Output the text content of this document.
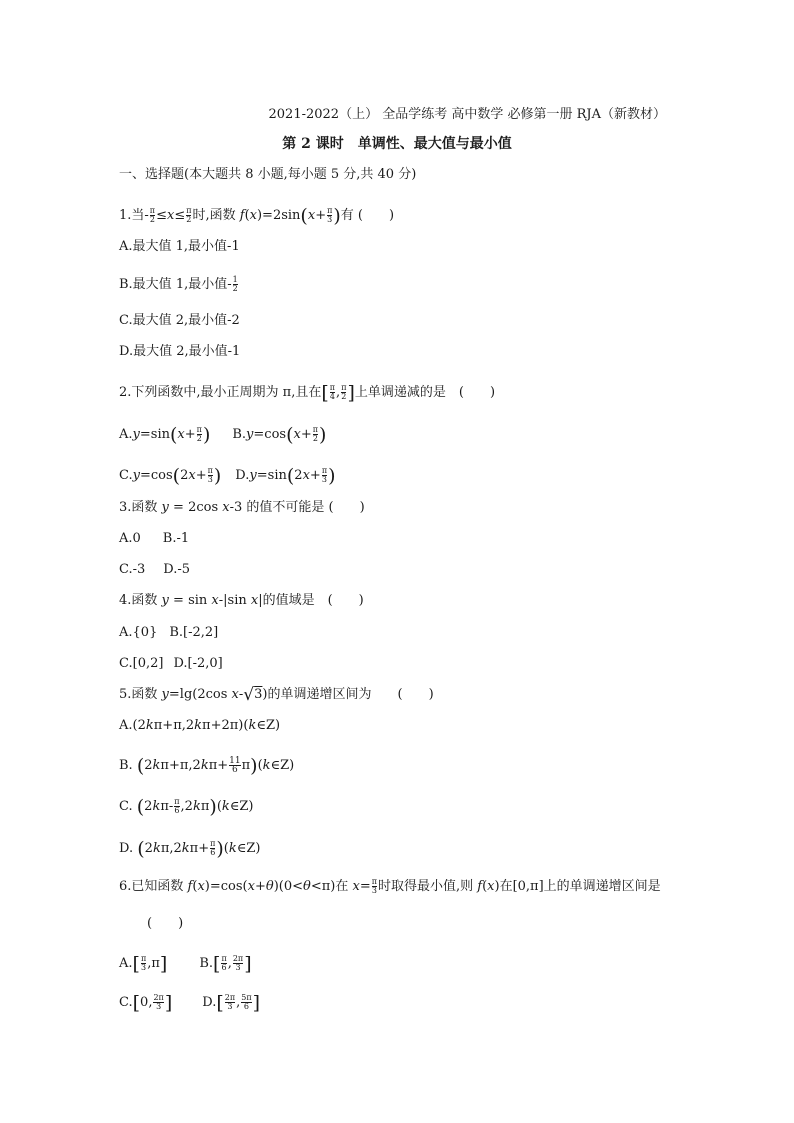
2021-2022（上） 全品学练考 高中数学 必修第一册 RJA（新教材）
第 2 课时　单调性、最大值与最小值
一、选择题(本大题共 8 小题,每小题 5 分,共 40 分)
1.当- $\frac{\pi}{2} \le x\le \frac{\pi}{2}$ 时,函数 $f(x)=2\sin(x+ \frac{\pi}{3}$ )有 (　　)
A.最大值 1,最小值-1
B.最大值 1,最小值- $\frac{1}{2}$
C.最大值 2,最小值-2
D.最大值 2,最小值-1
2.下列函数中,最小正周期为 π,且在[ $\frac{\pi}{4}$ , $\frac{\pi}{2}$ ]上单调递减的是　(　　)
$A.y=\sin(x+ \frac{\pi}{2}$ ) $B.y=\cos(x+ \frac{\pi}{2}$ )
$C.y=\cos(2x+ \frac{\pi}{3}$ ) $D.y=\sin(2x+ \frac{\pi}{3}$ )
3.函数 y = 2cos x-3 的值不可能是 (　　)
A.0 B.-1
C.-3 D.-5
4.函数 y = sin x-|sin x|的值域是　(　　)
A.{0} B.[-2,2]
C.[0,2] D.[-2,0]
5.函数 y=lg(2cos x-√3)的单调递增区间为　　(　　)
A.(2kπ+π,2kπ+2π)(k∈Z)
B. ($2k\pi+\pi,2k\pi+ \frac{11}{6}$ π)(k∈Z)
C. ($2k\pi- \frac{\pi}{6}$ ,2kπ)(k∈Z)
D. ($2k\pi,2k\pi+ \frac{\pi}{6}$ )(k∈Z)
6.已知函数 f(x)=cos(x+θ)(0<θ<π)在 $x= \frac{\pi}{3}$ 时取得最小值,则 f(x)在[0,π]上的单调递增区间是
(　　)
$A.[ \frac{\pi}{3} ,\pi]$ $B.[ \frac{\pi}{6}$ , $\frac{2\pi}{3}$ ]
C.[0, $\frac{2\pi}{3}$ ] $D.[ \frac{2\pi}{3}$ , $\frac{5\pi}{6}$ ]
